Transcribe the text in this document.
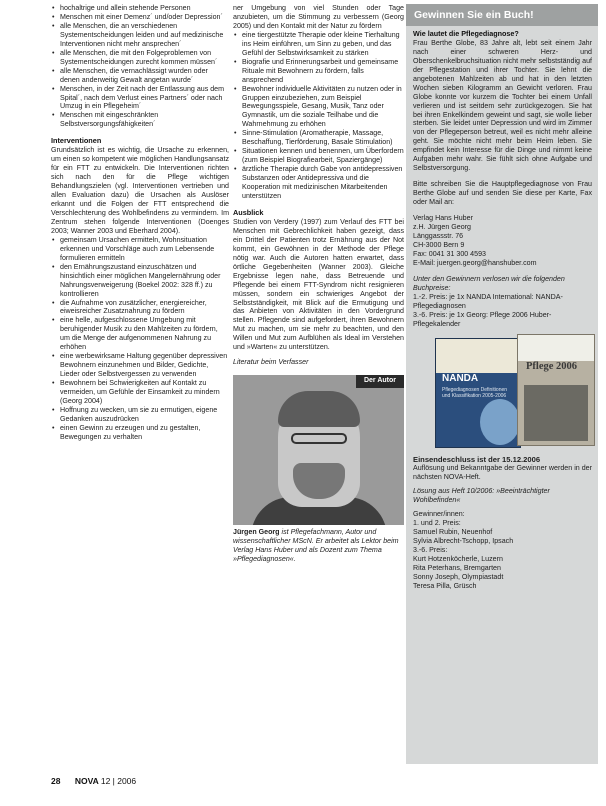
• hochaltrige und allein stehende Personen
• Menschen mit einer Demenz´ und/oder Depression´
• alle Menschen, die an verschiedenen Systementscheidungen leiden und auf medizinische Interventionen nicht mehr ansprechen´
• alle Menschen, die mit den Folgeproblemen von Systementscheidungen zurecht kommen müssen´
• alle Menschen, die vernachlässigt wurden oder denen anderweitig Gewalt angetan wurde´
• Menschen, in der Zeit nach der Entlassung aus dem Spital´, nach dem Verlust eines Partners´ oder nach Umzug in ein Pflegeheim´
• Menschen mit eingeschränkten Selbstversorgungsfähigkeiten´
Interventionen

Grundsätzlich ist es wichtig, die Ursache zu erkennen, um einen so kompetent wie möglichen Handlungsansatz für ein FTT zu entwickeln. Die Interventionen richten sich nach den für die Pflege wichtigen Behandlungszielen (vgl. Interventionen vertrieben und allen Evaluation dazu) die Ursachen als Auslöser erkannt und die Folgen der FTT entsprechend die Verschlechterung des Wohlbefindens zu vermindern. Im Zentrum stehen folgende Interventionen (Doenges 2003; Wanner 2003 und Eberhard 2004).

• gemeinsam Ursachen ermitteln, Wohnsituation erkennen und Vorschläge auch zum Lebensende formulieren ermitteln
• den Ernährungszustand einzuschätzen und hinsichtlich einer möglichen Mangelernährung oder Nahrungsverweigerung (Boekel 2002: 328 ff.) zu kontrollieren
• die Aufnahme von zusätzlicher, energiereicher, eiweisreicher Zusatznahrung zu fördern
• eine helle, aufgeschlossene Umgebung mit beruhigender Musik zu den Mahlzeiten zu fördern, um die Menge der aufgenommenen Nahrung zu erhöhen
• eine werbewirksame Haltung gegenüber depressiven Bewohnern einzunehmen und Bilder, Gedichte, Lieder oder Selbstvergessen zu verwenden
• Bewohnern bei Schwierigkeiten auf Kontakt zu vermeiden, um Gefühle der Einsamkeit zu mindern (Georg 2004)
• Hoffnung zu wecken, um sie zu ermutigen, eigene Gedanken auszudrücken
• einen Gewinn zu erzeugen und zu gestalten, Bewegungen zu verhalten

ner Umgebung von viel Stunden oder Tage anzubieten, um die Stimmung zu verbessern (Georg 2005) und den Kontakt mit der Natur zu fördern

• eine tiergestützte Therapie oder kleine Tierhaltung ins Heim einführen, um Sinn zu geben, und das Gefühl der Selbstwirksamkeit zu stärken
• Biografie und Erinnerungsarbeit und gemeinsame Rituale mit Bewohnern zu fördern, falls ansprechend
• Bewohner individuelle Aktivitäten zu nutzen oder in Gruppen einzubeziehen, zum Beispiel Bewegungsspiele, Gesang, Musik, Tanz oder Gymnastik, um die soziale Teilhabe und die Wahrnehmung zu erhöhen
• Sinne-Stimulation (Aromatherapie, Massage, Beschaffung, Tierförderung, Basale Stimulation)
• Situationen kennen und benennen, um Überfordern (zum Beispiel Biografiearbeit, Spaziergänge)
• ärztliche Therapie durch Gabe von antidepressiven Substanzen oder Antidepressiva und die Kooperation mit medizinischen Mitarbeitenden unterstützen
Ausblick

Studien von Verdery (1997) zum Verlauf des FTT bei Menschen mit Gebrechlichkeit haben gezeigt, dass ein Drittel der Patienten trotz Ernährung aus der Not kommt, ein Gewöhnen in der Methode der Pflege nötig war. Auch die Autoren hatten erwartet, dass örtliche Gegebenheiten (Wanner 2003). Gleiche Ergebnisse legen nahe, dass Betreuende und Pflegende bei einem FTT-Syndrom nicht resignieren müssen, sondern ein schwieriges Angebot der Selbstständigkeit, mit Blick auf die Ermutigung und das Anbieten von Aktivitäten in den Vordergrund stellen. Pflegende sind aufgefordert, ihren Bewohnern Mut zu machen, um sie mehr zu beachten, und den Willen und Mut zum Aufblühen als Ideal im Verstehen und »Warten« zu unterstützen.

Literatur beim Verfasser

Der Autor

Jürgen Georg ist Pflegefachmann, Autor und wissenschaftlicher MScN. Er arbeitet als Lektor beim Verlag Hans Huber und als Dozent zum Thema »Pflegediagnosen«.

Gewinnen Sie ein Buch!
Wie lautet die Pflegediagnose?

Frau Berthe Globe, 83 Jahre alt, lebt seit einem Jahr nach einer schweren Herz- und Oberschenkelbruchsituation nicht mehr selbstständig auf der Pflegestation und ihrer Tochter. Sie lehnt die angebotenen Mahlzeiten ab und hat in den letzten Wochen sieben Kilogramm an Gewicht verloren. Frau Globe konnte vor kurzem die Tochter bei einem Unfall verlieren und ist seitdem sehr zurückgezogen. Sie hat bei ihren Enkelkindern geweint und sagt, sie wolle lieber sterben. Sie leidet unter Depression und wird im Zimmer von der Pflegeperson betreut, weil es nicht mehr alleine geht. Sie möchte nicht mehr beim Heim leben. Sie empfindet kein Interesse für die Dinge und nimmt keine Aufgaben mehr wahr. Sie fühlt sich ohne Aufgabe und Selbstversorgung.

Bitte schreiben Sie die Hauptpflegediagnose von Frau Berthe Globe auf und senden Sie diese per Karte, Fax oder Mail an:

Verlag Hans Huber
z.H. Jürgen Georg
Länggassstr. 76
CH-3000 Bern 9
Fax: 0041 31 300 4593
E-Mail: juergen.georg@hanshuber.com

Unter den Gewinnern verlosen wir die folgenden Buchpreise:

1.-2. Preis: je 1x NANDA International: NANDA-Pflegediagnosen
3.-6. Preis: je 1x Georg: Pflege 2006 Huber-Pflegekalender
NANDA
Pflegediagnosen Definitionen und Klassifikation 2005-2006
Pflege 2006
Einsendeschluss ist der 15.12.2006

Auflösung und Bekanntgabe der Gewinner werden in der nächsten NOVA-Heft.

Lösung aus Heft 10/2006: »Beeinträchtigter Wohlbefinden«

Gewinner/innen:

1. und 2. Preis:
Samuel Rubin, Neuenhof
Sylvia Albrecht-Tschopp, Ipsach
3.-6. Preis:
Kurt Hotzenköcherle, Luzern
Rita Peterhans, Bremgarten
Sonny Joseph, Olympiastadt
Teresa Pilla, Grüsch
28 NOVA 12 | 2006
